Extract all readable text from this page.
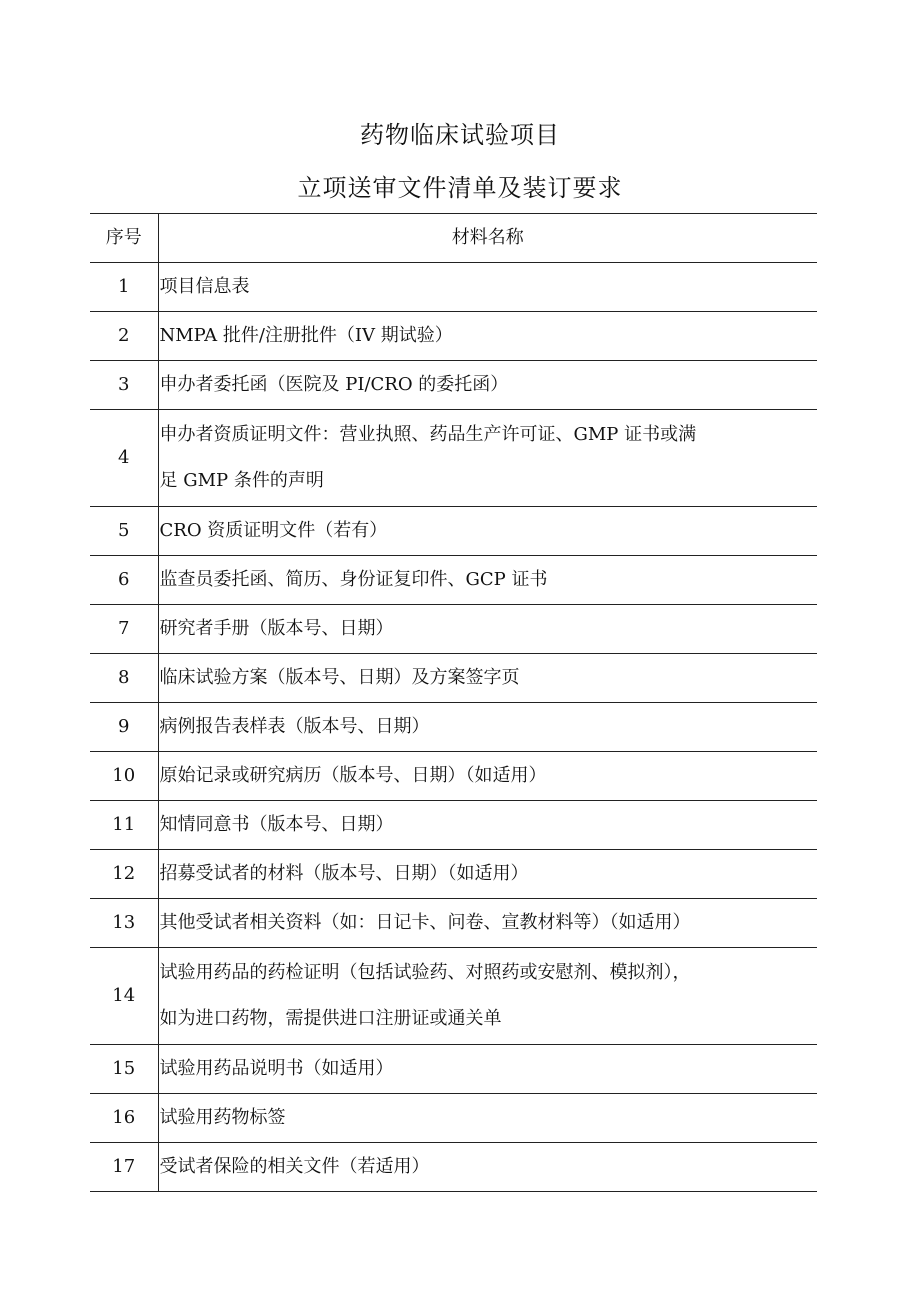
药物临床试验项目
立项送审文件清单及装订要求
序号	材料名称

1	项目信息表

2	NMPA 批件/注册批件（IV 期试验）

3	申办者委托函（医院及 PI/CRO 的委托函）

4	申办者资质证明文件：营业执照、药品生产许可证、GMP 证书或满
足 GMP 条件的声明

5	CRO 资质证明文件（若有）

6	监查员委托函、简历、身份证复印件、GCP 证书

7	研究者手册（版本号、日期）

8	临床试验方案（版本号、日期）及方案签字页

9	病例报告表样表（版本号、日期）

10	原始记录或研究病历（版本号、日期）（如适用）

11	知情同意书（版本号、日期）

12	招募受试者的材料（版本号、日期）（如适用）

13	其他受试者相关资料（如：日记卡、问卷、宣教材料等）（如适用）

14	试验用药品的药检证明（包括试验药、对照药或安慰剂、模拟剂），
如为进口药物，需提供进口注册证或通关单

15	试验用药品说明书（如适用）

16	试验用药物标签

17	受试者保险的相关文件（若适用）
